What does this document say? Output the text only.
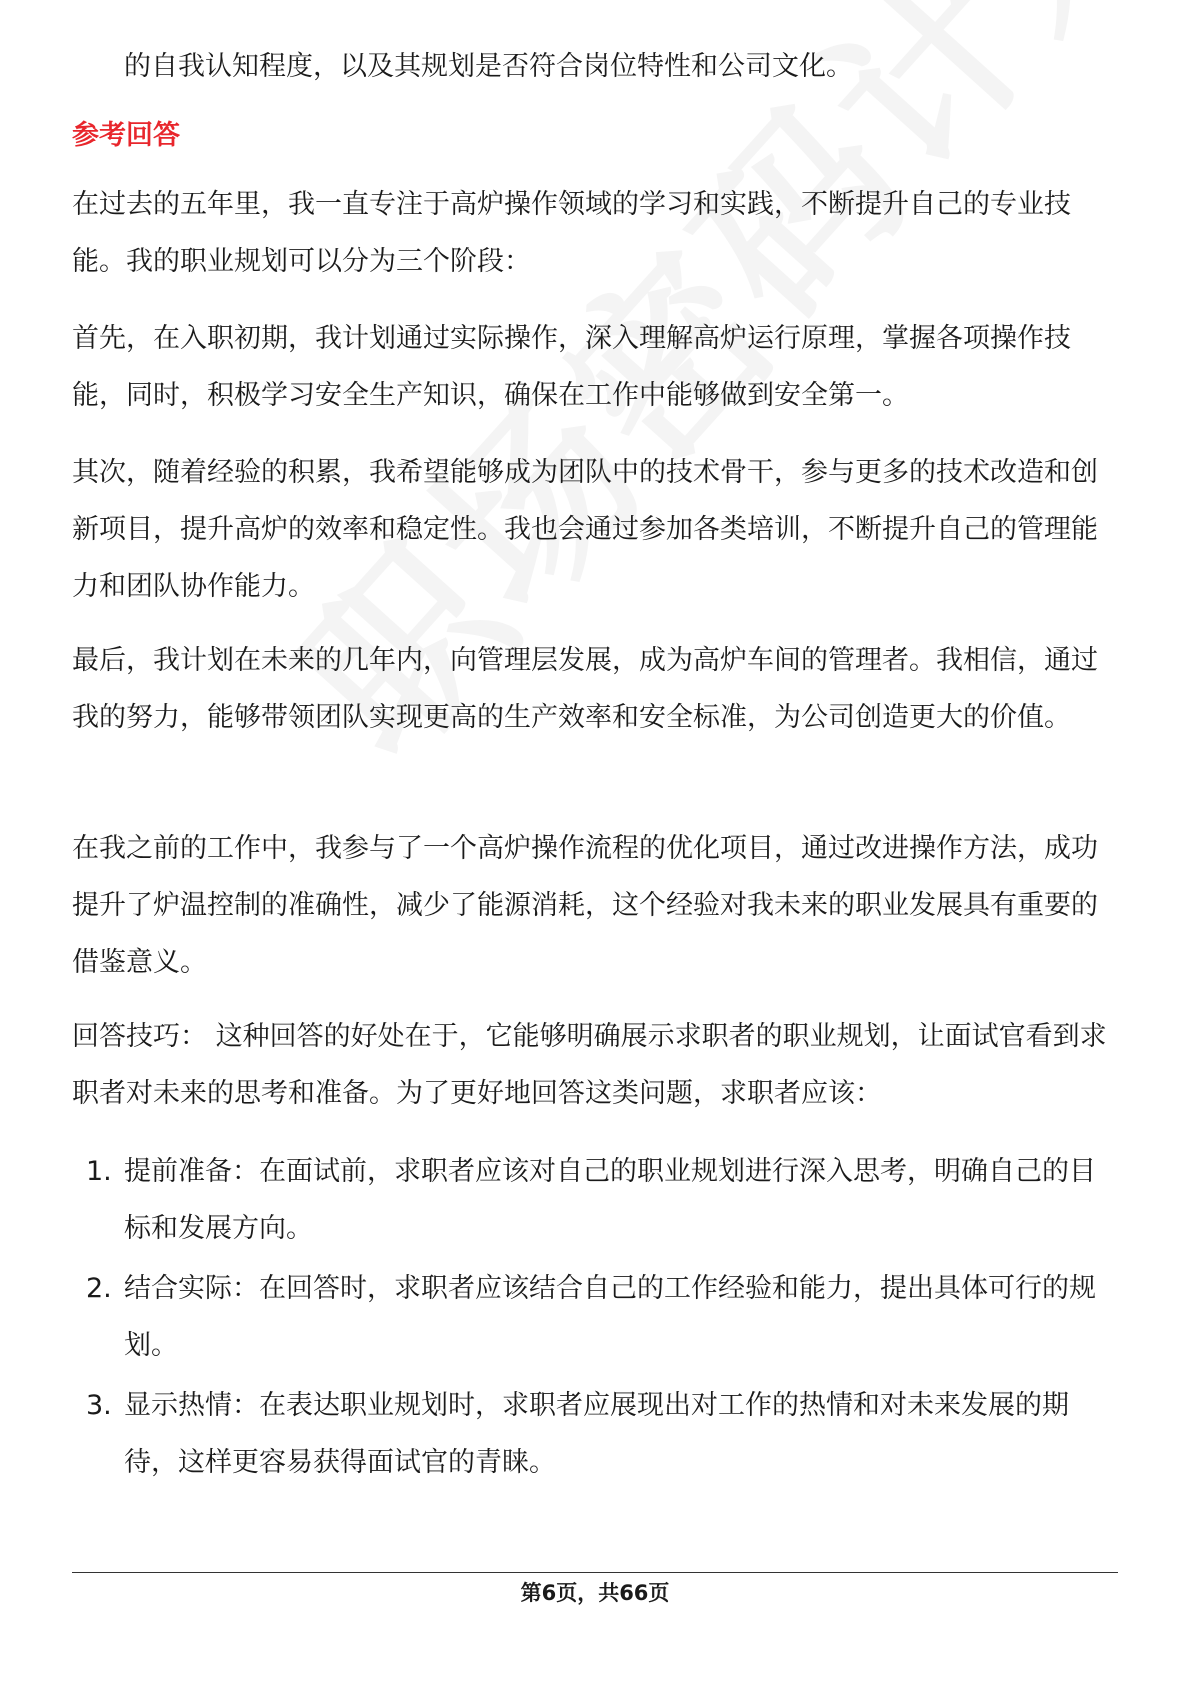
的自我认知程度，以及其规划是否符合岗位特性和公司文化。

参考回答

在过去的五年里，我一直专注于高炉操作领域的学习和实践，不断提升自己的专业技能。我的职业规划可以分为三个阶段：

首先，在入职初期，我计划通过实际操作，深入理解高炉运行原理，掌握各项操作技能，同时，积极学习安全生产知识，确保在工作中能够做到安全第一。

其次，随着经验的积累，我希望能够成为团队中的技术骨干，参与更多的技术改造和创新项目，提升高炉的效率和稳定性。我也会通过参加各类培训，不断提升自己的管理能力和团队协作能力。

最后，我计划在未来的几年内，向管理层发展，成为高炉车间的管理者。我相信，通过我的努力，能够带领团队实现更高的生产效率和安全标准，为公司创造更大的价值。

在我之前的工作中，我参与了一个高炉操作流程的优化项目，通过改进操作方法，成功提升了炉温控制的准确性，减少了能源消耗，这个经验对我未来的职业发展具有重要的借鉴意义。

回答技巧： 这种回答的好处在于，它能够明确展示求职者的职业规划，让面试官看到求职者对未来的思考和准备。为了更好地回答这类问题，求职者应该：

1. 提前准备：在面试前，求职者应该对自己的职业规划进行深入思考，明确自己的目标和发展方向。
2. 结合实际：在回答时，求职者应该结合自己的工作经验和能力，提出具体可行的规划。
3. 显示热情：在表达职业规划时，求职者应展现出对工作的热情和对未来发展的期待，这样更容易获得面试官的青睐。
第6页，共66页
